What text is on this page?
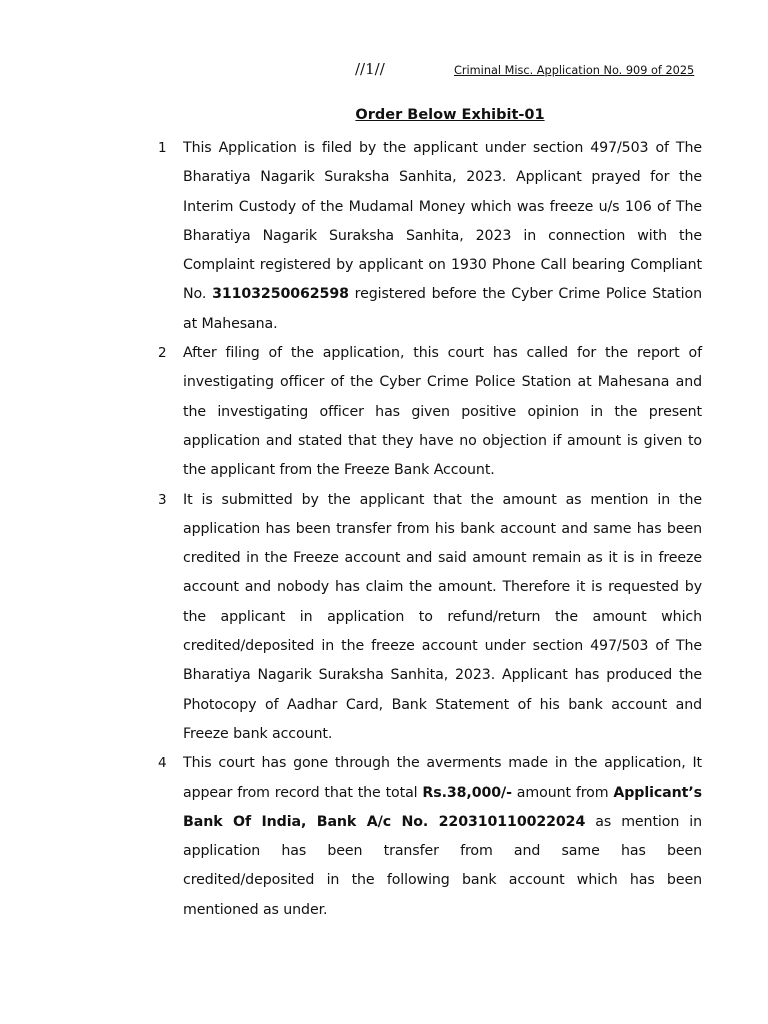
//1//	Criminal Misc. Application No. 909 of 2025
Order Below Exhibit-01
1 This Application is filed by the applicant under section 497/503 of The Bharatiya Nagarik Suraksha Sanhita, 2023. Applicant prayed for the Interim Custody of the Mudamal Money which was freeze u/s 106 of The Bharatiya Nagarik Suraksha Sanhita, 2023 in connection with the Complaint registered by applicant on 1930 Phone Call bearing Compliant No. 31103250062598 registered before the Cyber Crime Police Station at Mahesana.
2 After filing of the application, this court has called for the report of investigating officer of the Cyber Crime Police Station at Mahesana and the investigating officer has given positive opinion in the present application and stated that they have no objection if amount is given to the applicant from the Freeze Bank Account.
3 It is submitted by the applicant that the amount as mention in the application has been transfer from his bank account and same has been credited in the Freeze account and said amount remain as it is in freeze account and nobody has claim the amount. Therefore it is requested by the applicant in application to refund/return the amount which credited/deposited in the freeze account under section 497/503 of The Bharatiya Nagarik Suraksha Sanhita, 2023. Applicant has produced the Photocopy of Aadhar Card, Bank Statement of his bank account and Freeze bank account.
4 This court has gone through the averments made in the application, It appear from record that the total Rs.38,000/- amount from Applicant’s Bank Of India, Bank A/c No. 220310110022024 as mention in application has been transfer from and same has been credited/deposited in the following bank account which has been mentioned as under.
